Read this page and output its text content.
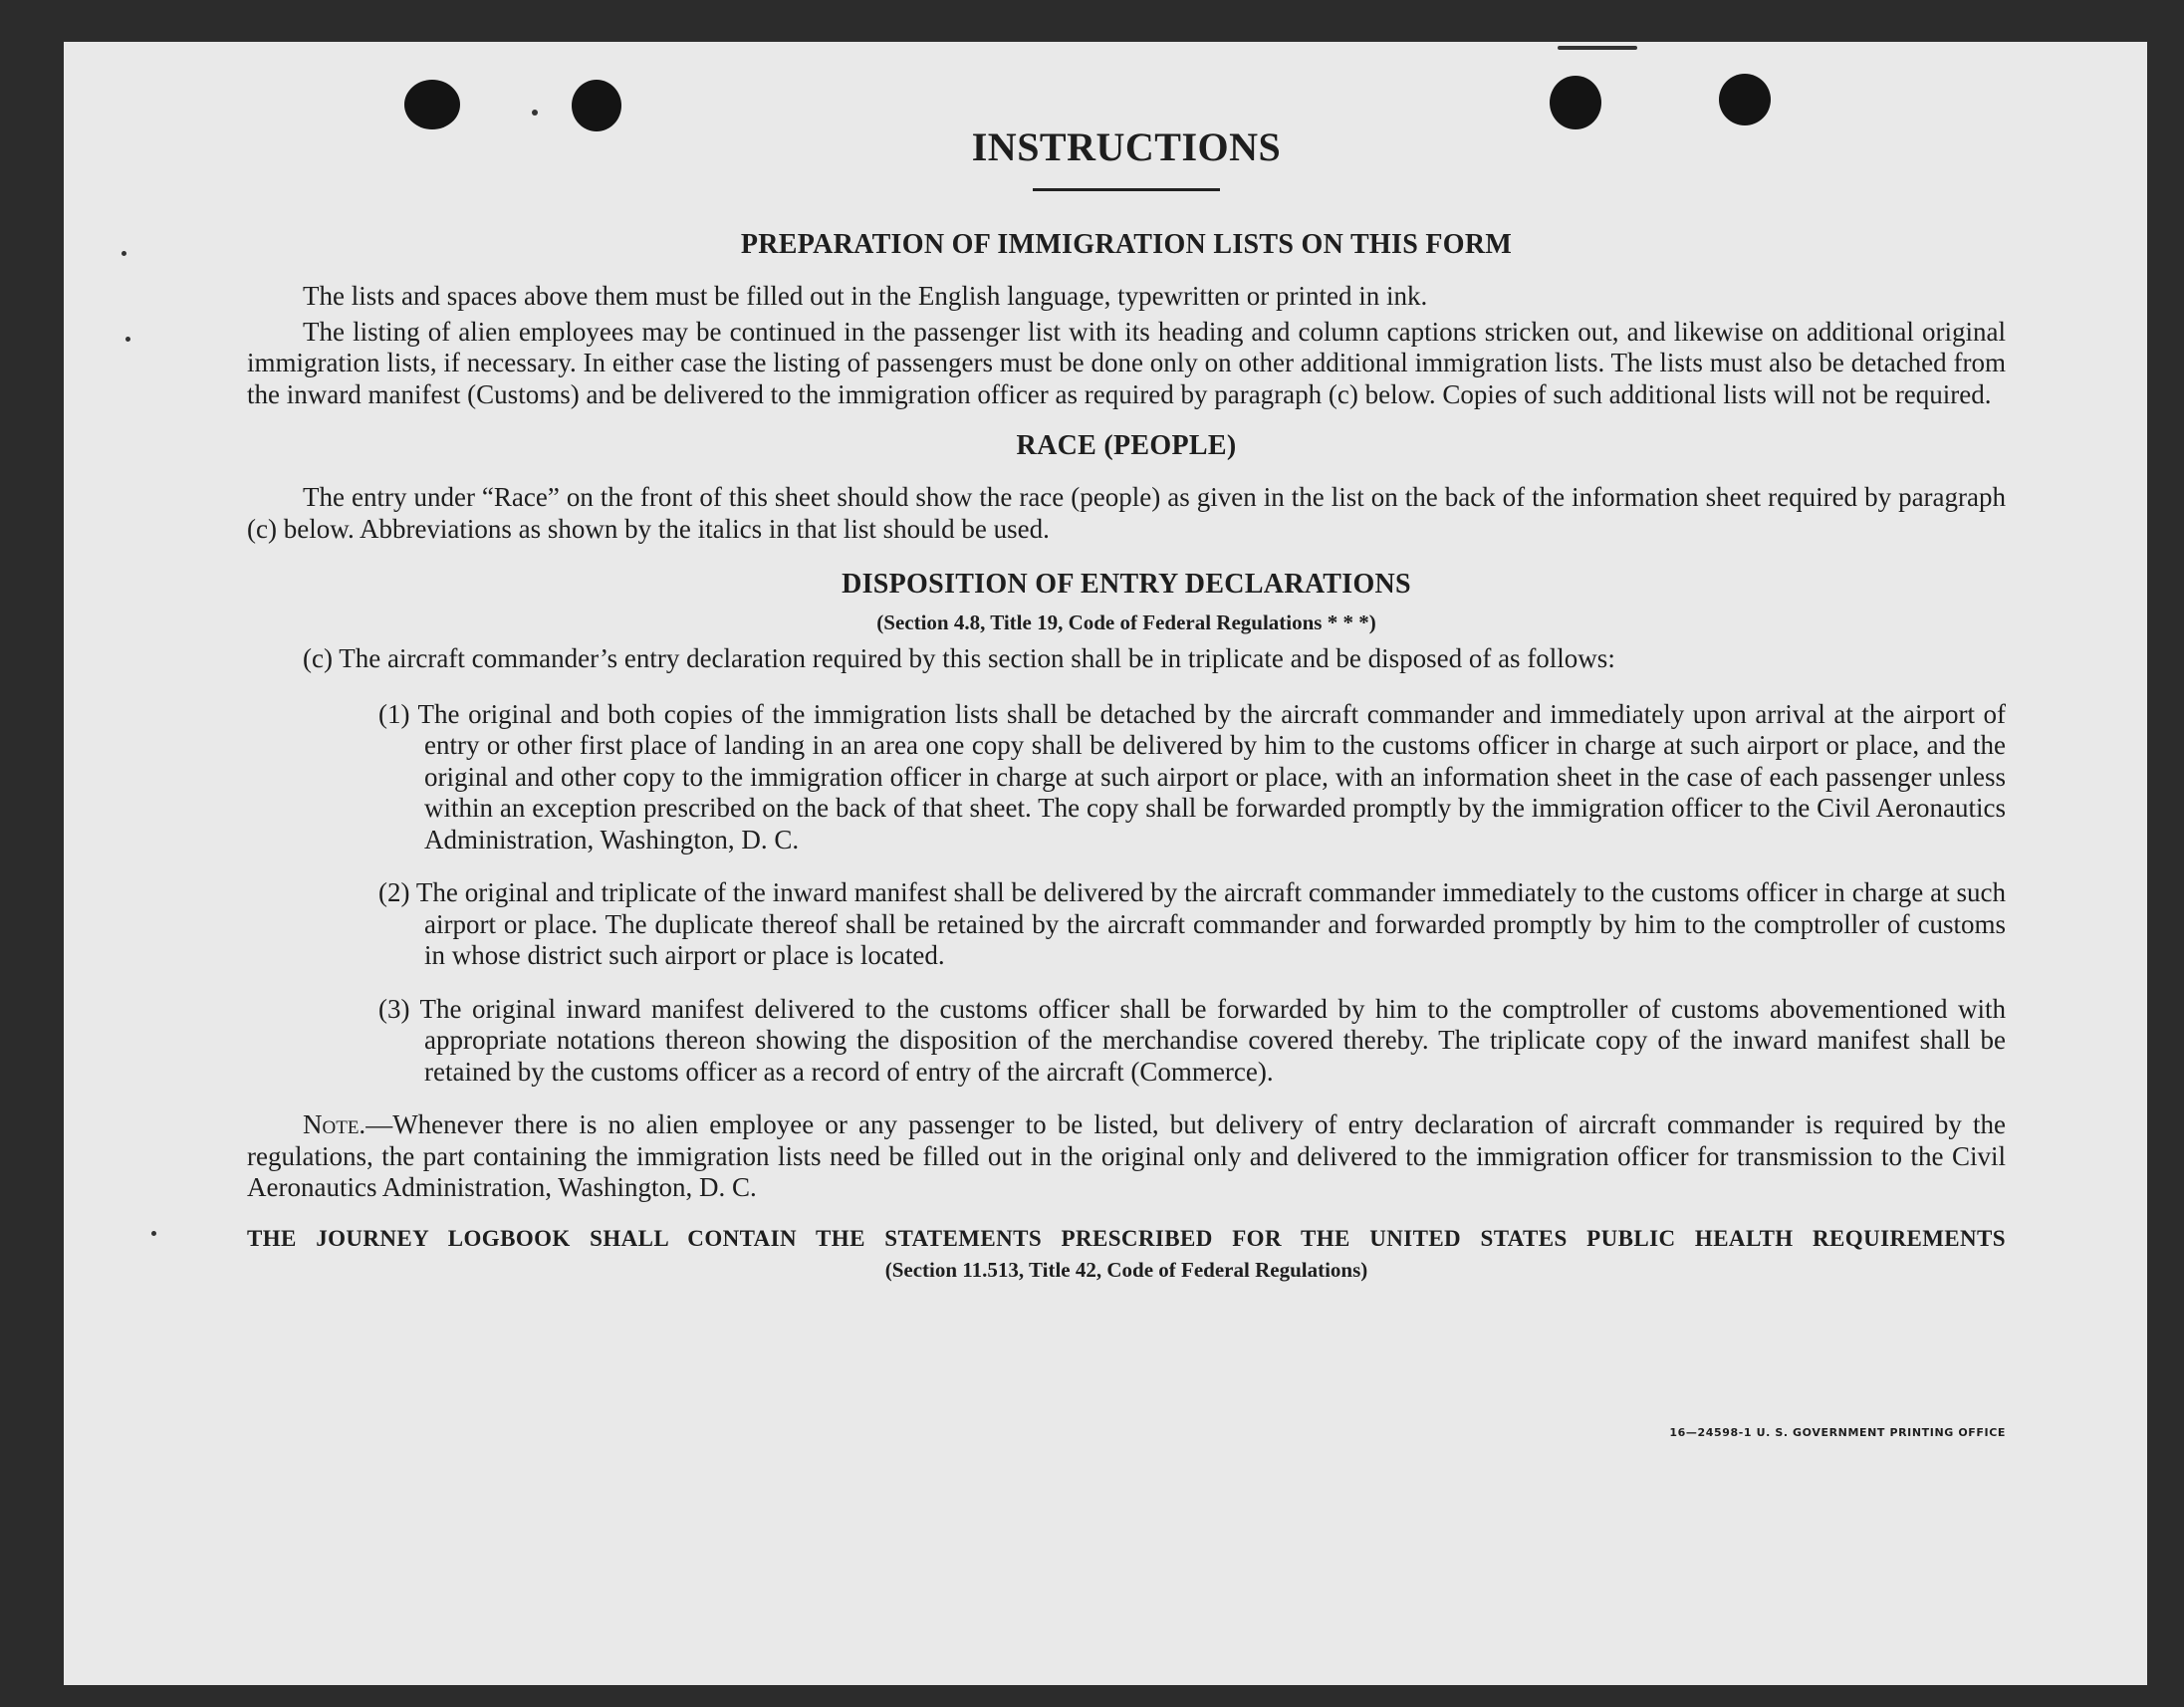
INSTRUCTIONS
PREPARATION OF IMMIGRATION LISTS ON THIS FORM

The lists and spaces above them must be filled out in the English language, typewritten or printed in ink.

The listing of alien employees may be continued in the passenger list with its heading and column captions stricken out, and likewise on additional original immigration lists, if necessary. In either case the listing of passengers must be done only on other additional immigration lists. The lists must also be detached from the inward manifest (Customs) and be delivered to the immigration officer as required by paragraph (c) below. Copies of such additional lists will not be required.

RACE (PEOPLE)

The entry under “Race” on the front of this sheet should show the race (people) as given in the list on the back of the information sheet required by paragraph (c) below. Abbreviations as shown by the italics in that list should be used.

DISPOSITION OF ENTRY DECLARATIONS
(Section 4.8, Title 19, Code of Federal Regulations * * *)

(c) The aircraft commander’s entry declaration required by this section shall be in triplicate and be disposed of as follows:

(1) The original and both copies of the immigration lists shall be detached by the aircraft commander and immediately upon arrival at the airport of entry or other first place of landing in an area one copy shall be delivered by him to the customs officer in charge at such airport or place, and the original and other copy to the immigration officer in charge at such airport or place, with an information sheet in the case of each passenger unless within an exception prescribed on the back of that sheet. The copy shall be forwarded promptly by the immigration officer to the Civil Aeronautics Administration, Washington, D. C.

(2) The original and triplicate of the inward manifest shall be delivered by the aircraft commander immediately to the customs officer in charge at such airport or place. The duplicate thereof shall be retained by the aircraft commander and forwarded promptly by him to the comptroller of customs in whose district such airport or place is located.

(3) The original inward manifest delivered to the customs officer shall be forwarded by him to the comptroller of customs abovementioned with appropriate notations thereon showing the disposition of the merchandise covered thereby. The triplicate copy of the inward manifest shall be retained by the customs officer as a record of entry of the aircraft (Commerce).

Note.—Whenever there is no alien employee or any passenger to be listed, but delivery of entry declaration of aircraft commander is required by the regulations, the part containing the immigration lists need be filled out in the original only and delivered to the immigration officer for transmission to the Civil Aeronautics Administration, Washington, D. C.

THE JOURNEY LOGBOOK SHALL CONTAIN THE STATEMENTS PRESCRIBED FOR THE UNITED STATES PUBLIC HEALTH REQUIREMENTS
(Section 11.513, Title 42, Code of Federal Regulations)
16—24598-1 U. S. GOVERNMENT PRINTING OFFICE
